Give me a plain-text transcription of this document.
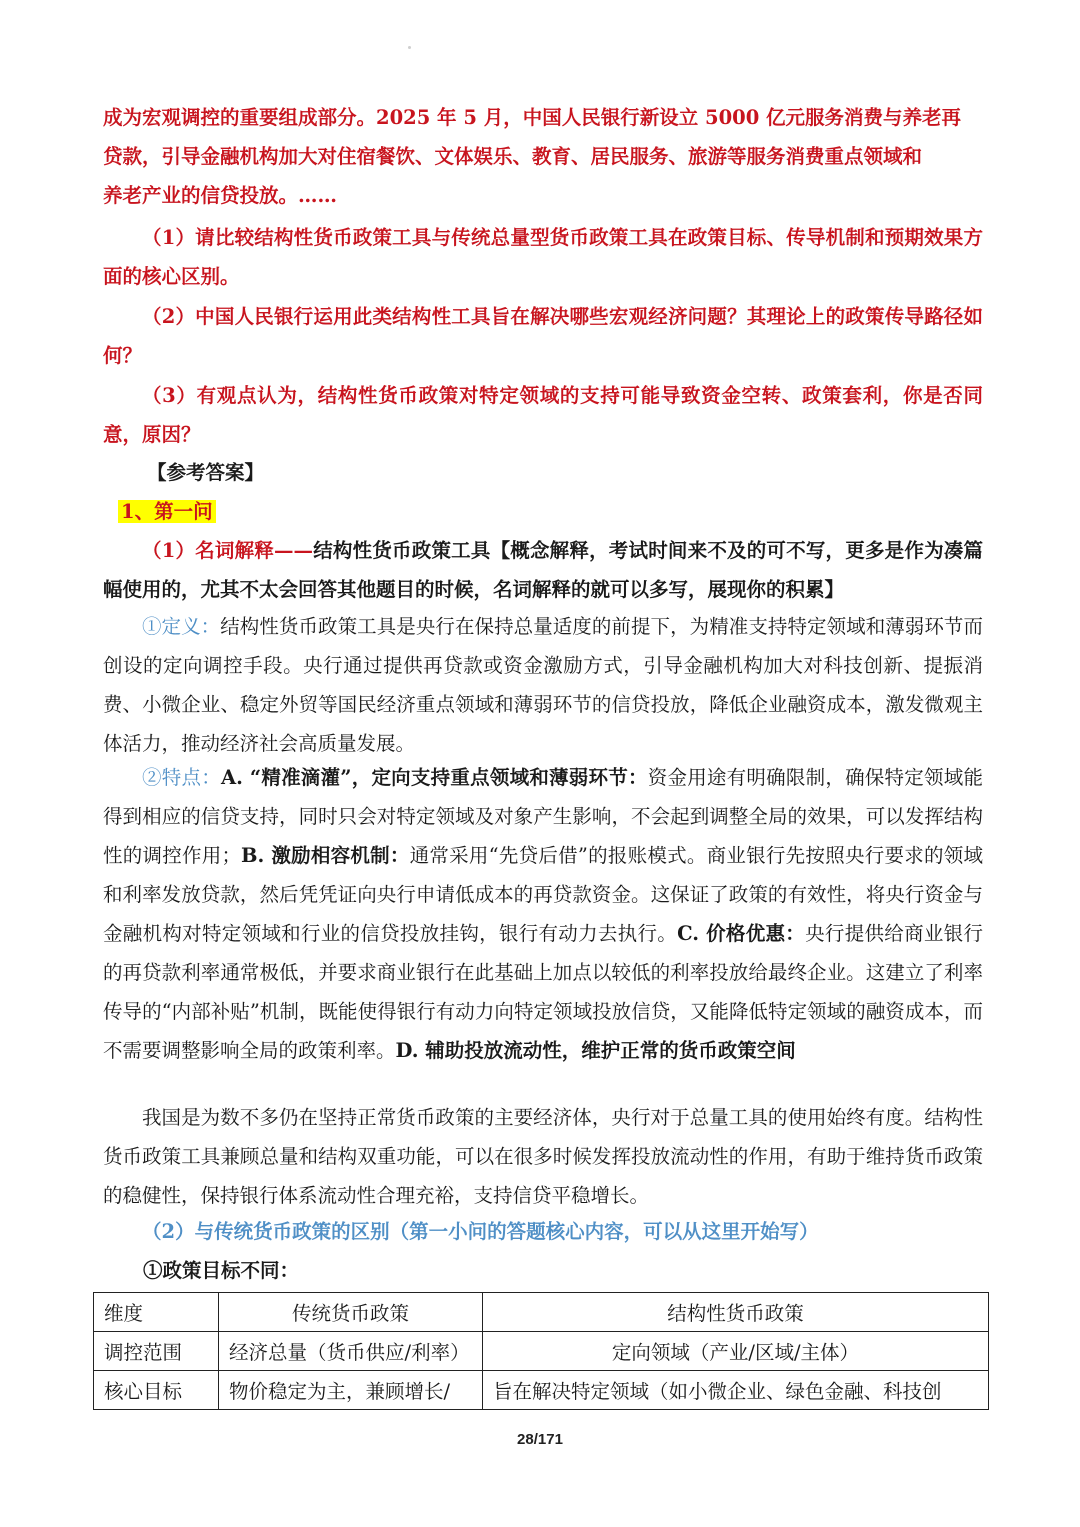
成为宏观调控的重要组成部分。2025 年 5 月，中国人民银行新设立 5000 亿元服务消费与养老再

贷款，引导金融机构加大对住宿餐饮、文体娱乐、教育、居民服务、旅游等服务消费重点领域和

养老产业的信贷投放。……

（1）请比较结构性货币政策工具与传统总量型货币政策工具在政策目标、传导机制和预期效果方面的核心区别。

（2）中国人民银行运用此类结构性工具旨在解决哪些宏观经济问题？其理论上的政策传导路径如何？

（3）有观点认为，结构性货币政策对特定领域的支持可能导致资金空转、政策套利，你是否同意，原因？

【参考答案】

1、第一问

（1）名词解释——结构性货币政策工具【概念解释，考试时间来不及的可不写，更多是作为凑篇幅使用的，尤其不太会回答其他题目的时候，名词解释的就可以多写，展现你的积累】

①定义：结构性货币政策工具是央行在保持总量适度的前提下，为精准支持特定领域和薄弱环节而创设的定向调控手段。央行通过提供再贷款或资金激励方式，引导金融机构加大对科技创新、提振消费、小微企业、稳定外贸等国民经济重点领域和薄弱环节的信贷投放，降低企业融资成本，激发微观主体活力，推动经济社会高质量发展。

②特点：A. “精准滴灌”，定向支持重点领域和薄弱环节：资金用途有明确限制，确保特定领域能得到相应的信贷支持，同时只会对特定领域及对象产生影响，不会起到调整全局的效果，可以发挥结构性的调控作用；B. 激励相容机制：通常采用“先贷后借”的报账模式。商业银行先按照央行要求的领域和利率发放贷款，然后凭凭证向央行申请低成本的再贷款资金。这保证了政策的有效性，将央行资金与金融机构对特定领域和行业的信贷投放挂钩，银行有动力去执行。C. 价格优惠：央行提供给商业银行的再贷款利率通常极低，并要求商业银行在此基础上加点以较低的利率投放给最终企业。这建立了利率传导的“内部补贴”机制，既能使得银行有动力向特定领域投放信贷，又能降低特定领域的融资成本，而不需要调整影响全局的政策利率。D. 辅助投放流动性，维护正常的货币政策空间

我国是为数不多仍在坚持正常货币政策的主要经济体，央行对于总量工具的使用始终有度。结构性货币政策工具兼顾总量和结构双重功能，可以在很多时候发挥投放流动性的作用，有助于维持货币政策的稳健性，保持银行体系流动性合理充裕，支持信贷平稳增长。

（2）与传统货币政策的区别（第一小问的答题核心内容，可以从这里开始写）

①政策目标不同：

维度	传统货币政策	结构性货币政策
调控范围	经济总量（货币供应/利率）	定向领域（产业/区域/主体）
核心目标	物价稳定为主，兼顾增长/	旨在解决特定领域（如小微企业、绿色金融、科技创
28/171
